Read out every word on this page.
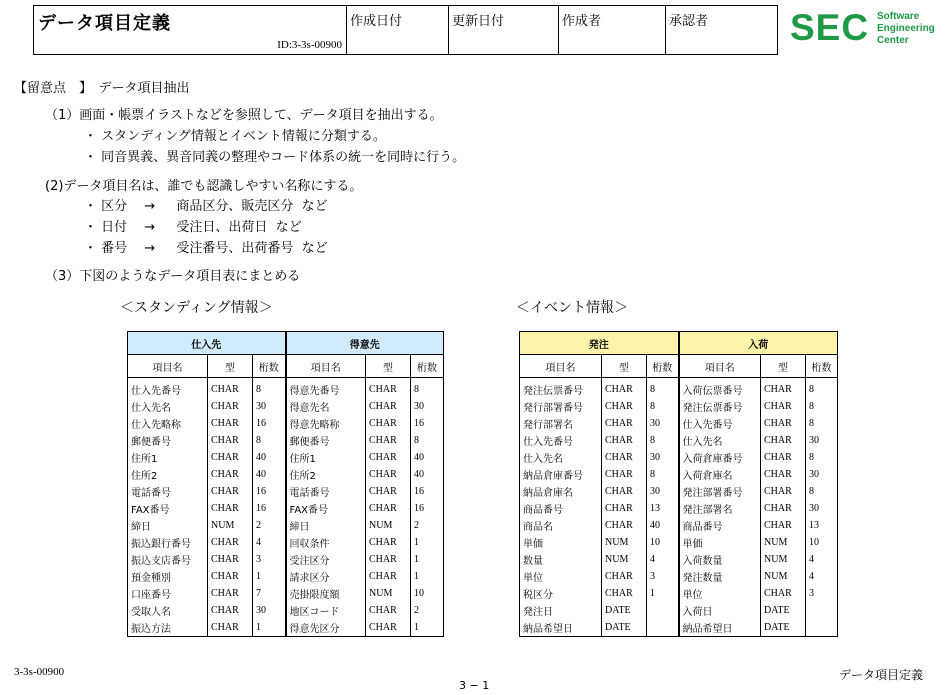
データ項目定義
ID:3-3s-00900
作成日付	更新日付	作成者	承認者 SEC Software
Engineering
Center
【留意点　】　データ項目抽出
（1）画面・帳票イラストなどを参照して、データ項目を抽出する。
・ スタンディング情報とイベント情報に分類する。
・ 同音異義、異音同義の整理やコード体系の統一を同時に行う。
(2)データ項目名は、誰でも認識しやすい名称にする。
・ 区分　 →　  商品区分、販売区分  など
・ 日付　 →　  受注日、出荷日  など
・ 番号　 →　  受注番号、出荷番号  など
（3）下図のようなデータ項目表にまとめる
＜スタンディング情報＞	＜イベント情報＞
仕入先			得意先		
項目名	型	桁数	項目名	型	桁数
仕入先番号	CHAR	8	得意先番号	CHAR	8
仕入先名	CHAR	30	得意先名	CHAR	30
仕入先略称	CHAR	16	得意先略称	CHAR	16
郵便番号	CHAR	8	郵便番号	CHAR	8
住所1	CHAR	40	住所1	CHAR	40
住所2	CHAR	40	住所2	CHAR	40
電話番号	CHAR	16	電話番号	CHAR	16
FAX番号	CHAR	16	FAX番号	CHAR	16
締日	NUM	2	締日	NUM	2
振込銀行番号	CHAR	4	回収条件	CHAR	1
振込支店番号	CHAR	3	受注区分	CHAR	1
預金種別	CHAR	1	請求区分	CHAR	1
口座番号	CHAR	7	売掛限度額	NUM	10
受取人名	CHAR	30	地区コード	CHAR	2
振込方法	CHAR	1	得意先区分	CHAR	1
発注			入荷		
項目名	型	桁数	項目名	型	桁数
発注伝票番号	CHAR	8	入荷伝票番号	CHAR	8
発行部署番号	CHAR	8	発注伝票番号	CHAR	8
発行部署名	CHAR	30	仕入先番号	CHAR	8
仕入先番号	CHAR	8	仕入先名	CHAR	30
仕入先名	CHAR	30	入荷倉庫番号	CHAR	8
納品倉庫番号	CHAR	8	入荷倉庫名	CHAR	30
納品倉庫名	CHAR	30	発注部署番号	CHAR	8
商品番号	CHAR	13	発注部署名	CHAR	30
商品名	CHAR	40	商品番号	CHAR	13
単価	NUM	10	単価	NUM	10
数量	NUM	4	入荷数量	NUM	4
単位	CHAR	3	発注数量	NUM	4
税区分	CHAR	1	単位	CHAR	3
発注日	DATE		入荷日	DATE	
納品希望日	DATE		納品希望日	DATE	
3-3s-00900
3 − 1
データ項目定義
